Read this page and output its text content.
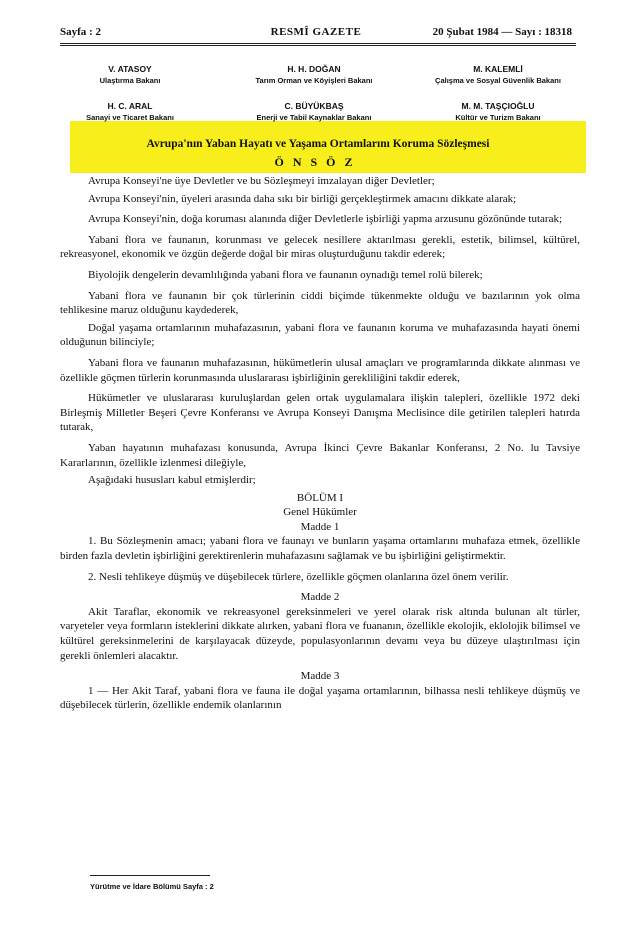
Sayfa : 2	RESMÎ GAZETE	20 Şubat 1984 — Sayı : 18318
V. ATASOY
Ulaştırma Bakanı
H. H. DOĞAN
Tarım Orman ve Köyişleri Bakanı
M. KALEMLİ
Çalışma ve Sosyal Güvenlik Bakanı
H. C. ARAL
Sanayi ve Ticaret Bakanı
C. BÜYÜKBAŞ
Enerji ve Tabiî Kaynaklar Bakanı
M. M. TAŞÇIOĞLU
Kültür ve Turizm Bakanı
Avrupa'nın Yaban Hayatı ve Yaşama Ortamlarını Koruma Sözleşmesi
ÖNSÖZ

Avrupa Konseyi'ne üye Devletler ve bu Sözleşmeyi imzalayan diğer Devletler;

Avrupa Konseyi'nin, üyeleri arasında daha sıkı bir birliği gerçekleştirmek amacını dikkate alarak;

Avrupa Konseyi'nin, doğa koruması alanında diğer Devletlerle işbirliği yapma arzusunu gözönünde tutarak;

Yabani flora ve faunanın, korunması ve gelecek nesillere aktarılması gerekli, estetik, bilimsel, kültürel, rekreasyonel, ekonomik ve özgün değerde doğal bir miras oluşturduğunu takdir ederek;

Biyolojik dengelerin devamlılığında yabani flora ve faunanın oynadığı temel rolü bilerek;

Yabani flora ve faunanın bir çok türlerinin ciddi biçimde tükenmekte olduğu ve bazılarının yok olma tehlikesine maruz olduğunu kaydederek,

Doğal yaşama ortamlarının muhafazasının, yabani flora ve faunanın koruma ve muhafazasında hayati önemi olduğunun bilinciyle;

Yabani flora ve faunanın muhafazasının, hükümetlerin ulusal amaçları ve programlarında dikkate alınması ve özellikle göçmen türlerin korunmasında uluslararası işbirliğinin gerekliliğini takdir ederek,

Hükümetler ve uluslararası kuruluşlardan gelen ortak uygulamalara ilişkin talepleri, özellikle 1972 deki Birleşmiş Milletler Beşeri Çevre Konferansı ve Avrupa Konseyi Danışma Meclisince dile getirilen talepleri hatırda tutarak,

Yaban hayatının muhafazası konusunda, Avrupa İkinci Çevre Bakanlar Konferansı, 2 No. lu Tavsiye Kararlarının, özellikle izlenmesi dileğiyle,

Aşağıdaki hususları kabul etmişlerdir;

BÖLÜM I

Genel Hükümler

Madde 1

1. Bu Sözleşmenin amacı; yabani flora ve faunayı ve bunların yaşama ortamlarını muhafaza etmek, özellikle birden fazla devletin işbirliğini gerektirenlerin muhafazasını sağlamak ve bu işbirliğini geliştirmektir.

2. Nesli tehlikeye düşmüş ve düşebilecek türlere, özellikle göçmen olanlarına özel önem verilir.

Madde 2

Akit Taraflar, ekonomik ve rekreasyonel gereksinmeleri ve yerel olarak risk altında bulunan alt türler, varyeteler veya formların isteklerini dikkate alırken, yabani flora ve fuananın, özellikle ekolojik, eklolojik bilimsel ve kültürel gereksinmelerini de karşılayacak düzeyde, populasyonlarının devamı veya bu düzeye ulaştırılması için gerekli önlemleri alacaktır.

Madde 3

1 — Her Akit Taraf, yabani flora ve fauna ile doğal yaşama ortamlarının, bilhassa nesli tehlikeye düşmüş ve düşebilecek türlerin, özellikle endemik olanlarının

Yürütme ve İdare Bölümü Sayfa : 2
